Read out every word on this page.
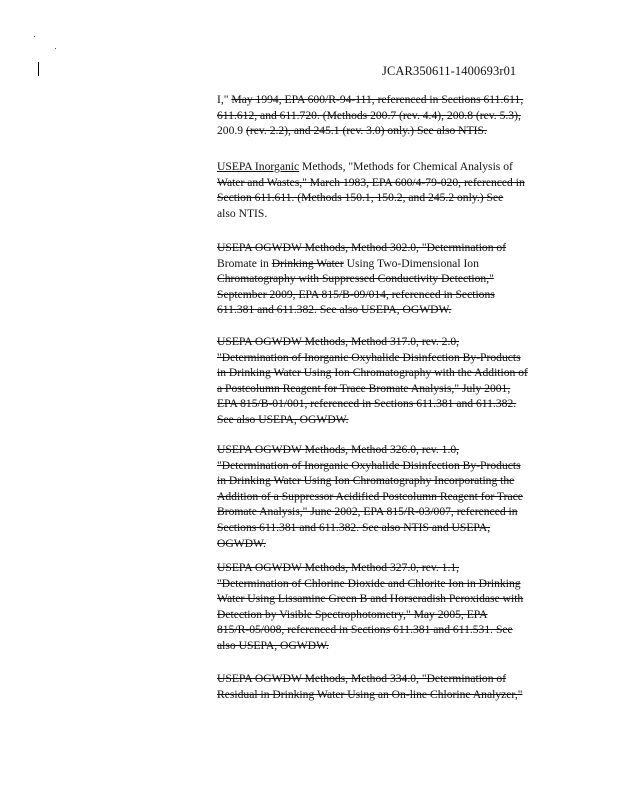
JCAR350611-1400693r01

I," May 1994, EPA 600/R-94-111, referenced in Sections 611.611,

611.612, and 611.720. (Methods 200.7 (rev. 4.4), 200.8 (rev. 5.3),

200.9 (rev. 2.2), and 245.1 (rev. 3.0) only.) See also NTIS.

USEPA Inorganic Methods, "Methods for Chemical Analysis of

Water and Wastes," March 1983, EPA 600/4-79-020, referenced in

Section 611.611. (Methods 150.1, 150.2, and 245.2 only.) See

also NTIS.

USEPA OGWDW Methods, Method 302.0, "Determination of

Bromate in Drinking Water Using Two-Dimensional Ion

Chromatography with Suppressed Conductivity Detection,"

September 2009, EPA 815/B-09/014, referenced in Sections

611.381 and 611.382. See also USEPA, OGWDW.

USEPA OGWDW Methods, Method 317.0, rev. 2.0,

"Determination of Inorganic Oxyhalide Disinfection By-Products

in Drinking Water Using Ion Chromatography with the Addition of

a Postcolumn Reagent for Trace Bromate Analysis," July 2001,

EPA 815/B-01/001, referenced in Sections 611.381 and 611.382.

See also USEPA, OGWDW.

USEPA OGWDW Methods, Method 326.0, rev. 1.0,

"Determination of Inorganic Oxyhalide Disinfection By-Products

in Drinking Water Using Ion Chromatography Incorporating the

Addition of a Suppressor Acidified Postcolumn Reagent for Trace

Bromate Analysis," June 2002, EPA 815/R-03/007, referenced in

Sections 611.381 and 611.382. See also NTIS and USEPA,

OGWDW.

USEPA OGWDW Methods, Method 327.0, rev. 1.1,

"Determination of Chlorine Dioxide and Chlorite Ion in Drinking

Water Using Lissamine Green B and Horseradish Peroxidase with

Detection by Visible Spectrophotometry," May 2005, EPA

815/R-05/008, referenced in Sections 611.381 and 611.531. See

also USEPA, OGWDW.

USEPA OGWDW Methods, Method 334.0, "Determination of

Residual in Drinking Water Using an On-line Chlorine Analyzer,"
